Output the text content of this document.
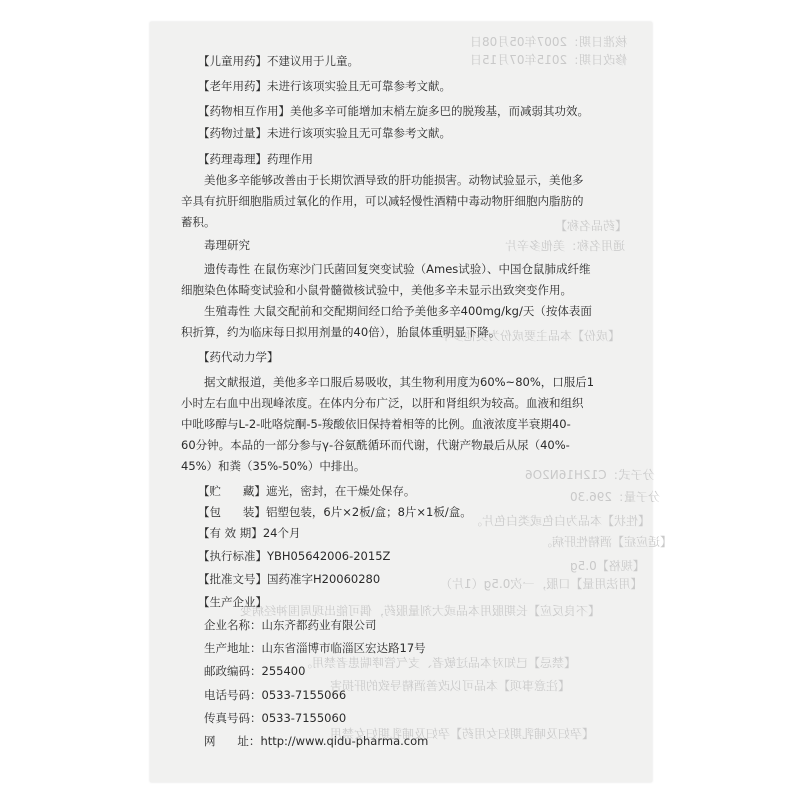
核准日期：2007年05月08日
修改日期：2015年07月15日
【药品名称】
通用名称：美他多辛片
【成份】本品主要成份为美他多辛
分子式：C12H16N2O6
分子量：296.30
【性状】本品为白色或类白色片。
【适应症】酒精性肝病。
【规格】0.5g
【用法用量】口服，一次0.5g（1片）
【不良反应】长期服用本品或大剂量服药，偶可能出现周围神经病变
【禁忌】已知对本品过敏者、支气管哮喘患者禁用。
【注意事项】本品可以改善酒精导致的肝损害
【孕妇及哺乳期妇女用药】孕妇及哺乳期妇女禁用
【儿童用药】不建议用于儿童。
【老年用药】未进行该项实验且无可靠参考文献。
【药物相互作用】美他多辛可能增加末梢左旋多巴的脱羧基，而减弱其功效。
【药物过量】未进行该项实验且无可靠参考文献。
【药理毒理】药理作用
美他多辛能够改善由于长期饮酒导致的肝功能损害。动物试验显示，美他多
辛具有抗肝细胞脂质过氧化的作用，可以减轻慢性酒精中毒动物肝细胞内脂肪的
蓄积。
毒理研究
遗传毒性 在鼠伤寒沙门氏菌回复突变试验（Ames试验）、中国仓鼠肺成纤维
细胞染色体畸变试验和小鼠骨髓微核试验中，美他多辛未显示出致突变作用。
生殖毒性 大鼠交配前和交配期间经口给予美他多辛400mg/kg/天（按体表面
积折算，约为临床每日拟用剂量的40倍），胎鼠体重明显下降。
【药代动力学】
据文献报道，美他多辛口服后易吸收，其生物利用度为60%~80%，口服后1
小时左右血中出现峰浓度。在体内分布广泛，以肝和肾组织为较高。血液和组织
中吡哆醇与L-2-吡咯烷酮-5-羧酸依旧保持着相等的比例。血液浓度半衰期40-
60分钟。本品的一部分参与γ-谷氨酰循环而代谢，代谢产物最后从尿（40%-
45%）和粪（35%-50%）中排出。
【贮      藏】遮光，密封，在干燥处保存。
【包      装】铝塑包装，6片×2板/盒；8片×1板/盒。
【有 效 期】24个月
【执行标准】YBH05642006-2015Z
【批准文号】国药准字H20060280
【生产企业】
企业名称：山东齐都药业有限公司
生产地址：山东省淄博市临淄区宏达路17号
邮政编码：255400
电话号码：0533-7155066
传真号码：0533-7155060
网      址：http://www.qidu-pharma.com
